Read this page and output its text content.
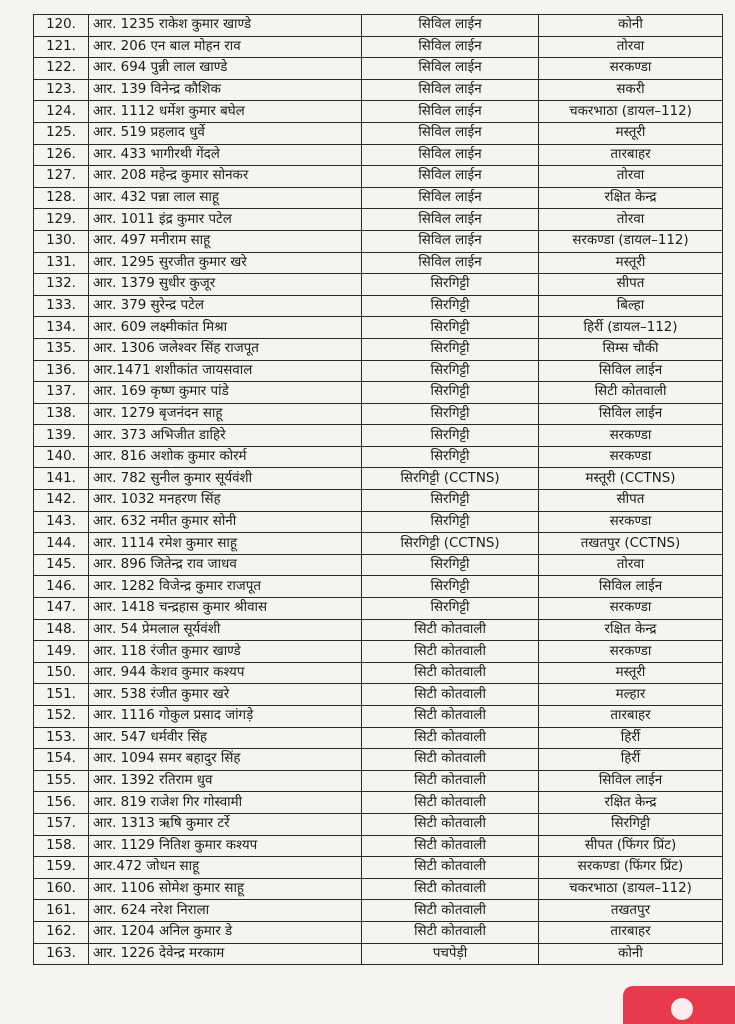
120.	आर. 1235 राकेश कुमार खाण्डे	सिविल लाईन	कोनी
121.	आर. 206 एन बाल मोहन राव	सिविल लाईन	तोरवा
122.	आर. 694 पुन्नी लाल खाण्डे	सिविल लाईन	सरकण्डा
123.	आर. 139 विनेन्द्र कौशिक	सिविल लाईन	सकरी
124.	आर. 1112 धर्मेश कुमार बघेल	सिविल लाईन	चकरभाठा (डायल–112)
125.	आर. 519 प्रहलाद धुर्वे	सिविल लाईन	मस्तूरी
126.	आर. 433 भागीरथी गेंदले	सिविल लाईन	तारबाहर
127.	आर. 208 महेन्द्र कुमार सोनकर	सिविल लाईन	तोरवा
128.	आर. 432 पन्ना लाल साहू	सिविल लाईन	रक्षित केन्द्र
129.	आर. 1011 इंद्र कुमार पटेल	सिविल लाईन	तोरवा
130.	आर. 497 मनीराम साहू	सिविल लाईन	सरकण्डा (डायल–112)
131.	आर. 1295 सुरजीत कुमार खरे	सिविल लाईन	मस्तूरी
132.	आर. 1379 सुधीर कुजूर	सिरगिट्टी	सीपत
133.	आर. 379 सुरेन्द्र पटेल	सिरगिट्टी	बिल्हा
134.	आर. 609 लक्ष्मीकांत मिश्रा	सिरगिट्टी	हिर्री (डायल–112)
135.	आर. 1306 जलेश्वर सिंह राजपूत	सिरगिट्टी	सिम्स चौकी
136.	आर.1471 शशीकांत जायसवाल	सिरगिट्टी	सिविल लाईन
137.	आर. 169 कृष्ण कुमार पांडे	सिरगिट्टी	सिटी कोतवाली
138.	आर. 1279 बृजनंदन साहू	सिरगिट्टी	सिविल लाईन
139.	आर. 373 अभिजीत डाहिरे	सिरगिट्टी	सरकण्डा
140.	आर. 816 अशोक कुमार कोरर्म	सिरगिट्टी	सरकण्डा
141.	आर. 782 सुनील कुमार सूर्यवंशी	सिरगिट्टी (CCTNS)	मस्तूरी (CCTNS)
142.	आर. 1032 मनहरण सिंह	सिरगिट्टी	सीपत
143.	आर. 632 नमीत कुमार सोनी	सिरगिट्टी	सरकण्डा
144.	आर. 1114 रमेश कुमार साहू	सिरगिट्टी (CCTNS)	तखतपुर (CCTNS)
145.	आर. 896 जितेन्द्र राव जाधव	सिरगिट्टी	तोरवा
146.	आर. 1282 विजेन्द्र कुमार राजपूत	सिरगिट्टी	सिविल लाईन
147.	आर. 1418 चन्द्रहास कुमार श्रीवास	सिरगिट्टी	सरकण्डा
148.	आर. 54 प्रेमलाल सूर्यवंशी	सिटी कोतवाली	रक्षित केन्द्र
149.	आर. 118 रंजीत कुमार खाण्डे	सिटी कोतवाली	सरकण्डा
150.	आर. 944 केशव कुमार कश्यप	सिटी कोतवाली	मस्तूरी
151.	आर. 538 रंजीत कुमार खरे	सिटी कोतवाली	मल्हार
152.	आर. 1116 गोकुल प्रसाद जांगड़े	सिटी कोतवाली	तारबाहर
153.	आर. 547 धर्मवीर सिंह	सिटी कोतवाली	हिर्री
154.	आर. 1094 समर बहादुर सिंह	सिटी कोतवाली	हिर्री
155.	आर. 1392 रतिराम धुव	सिटी कोतवाली	सिविल लाईन
156.	आर. 819 राजेश गिर गोस्वामी	सिटी कोतवाली	रक्षित केन्द्र
157.	आर. 1313 ऋषि कुमार टर्रे	सिटी कोतवाली	सिरगिट्टी
158.	आर. 1129 नितिश कुमार कश्यप	सिटी कोतवाली	सीपत (फिंगर प्रिंट)
159.	आर.472 जोधन साहू	सिटी कोतवाली	सरकण्डा (फिंगर प्रिंट)
160.	आर. 1106 सोमेश कुमार साहू	सिटी कोतवाली	चकरभाठा (डायल–112)
161.	आर. 624 नरेश निराला	सिटी कोतवाली	तखतपुर
162.	आर. 1204 अनिल कुमार डे	सिटी कोतवाली	तारबाहर
163.	आर. 1226 देवेन्द्र मरकाम	पचपेड़ी	कोनी
